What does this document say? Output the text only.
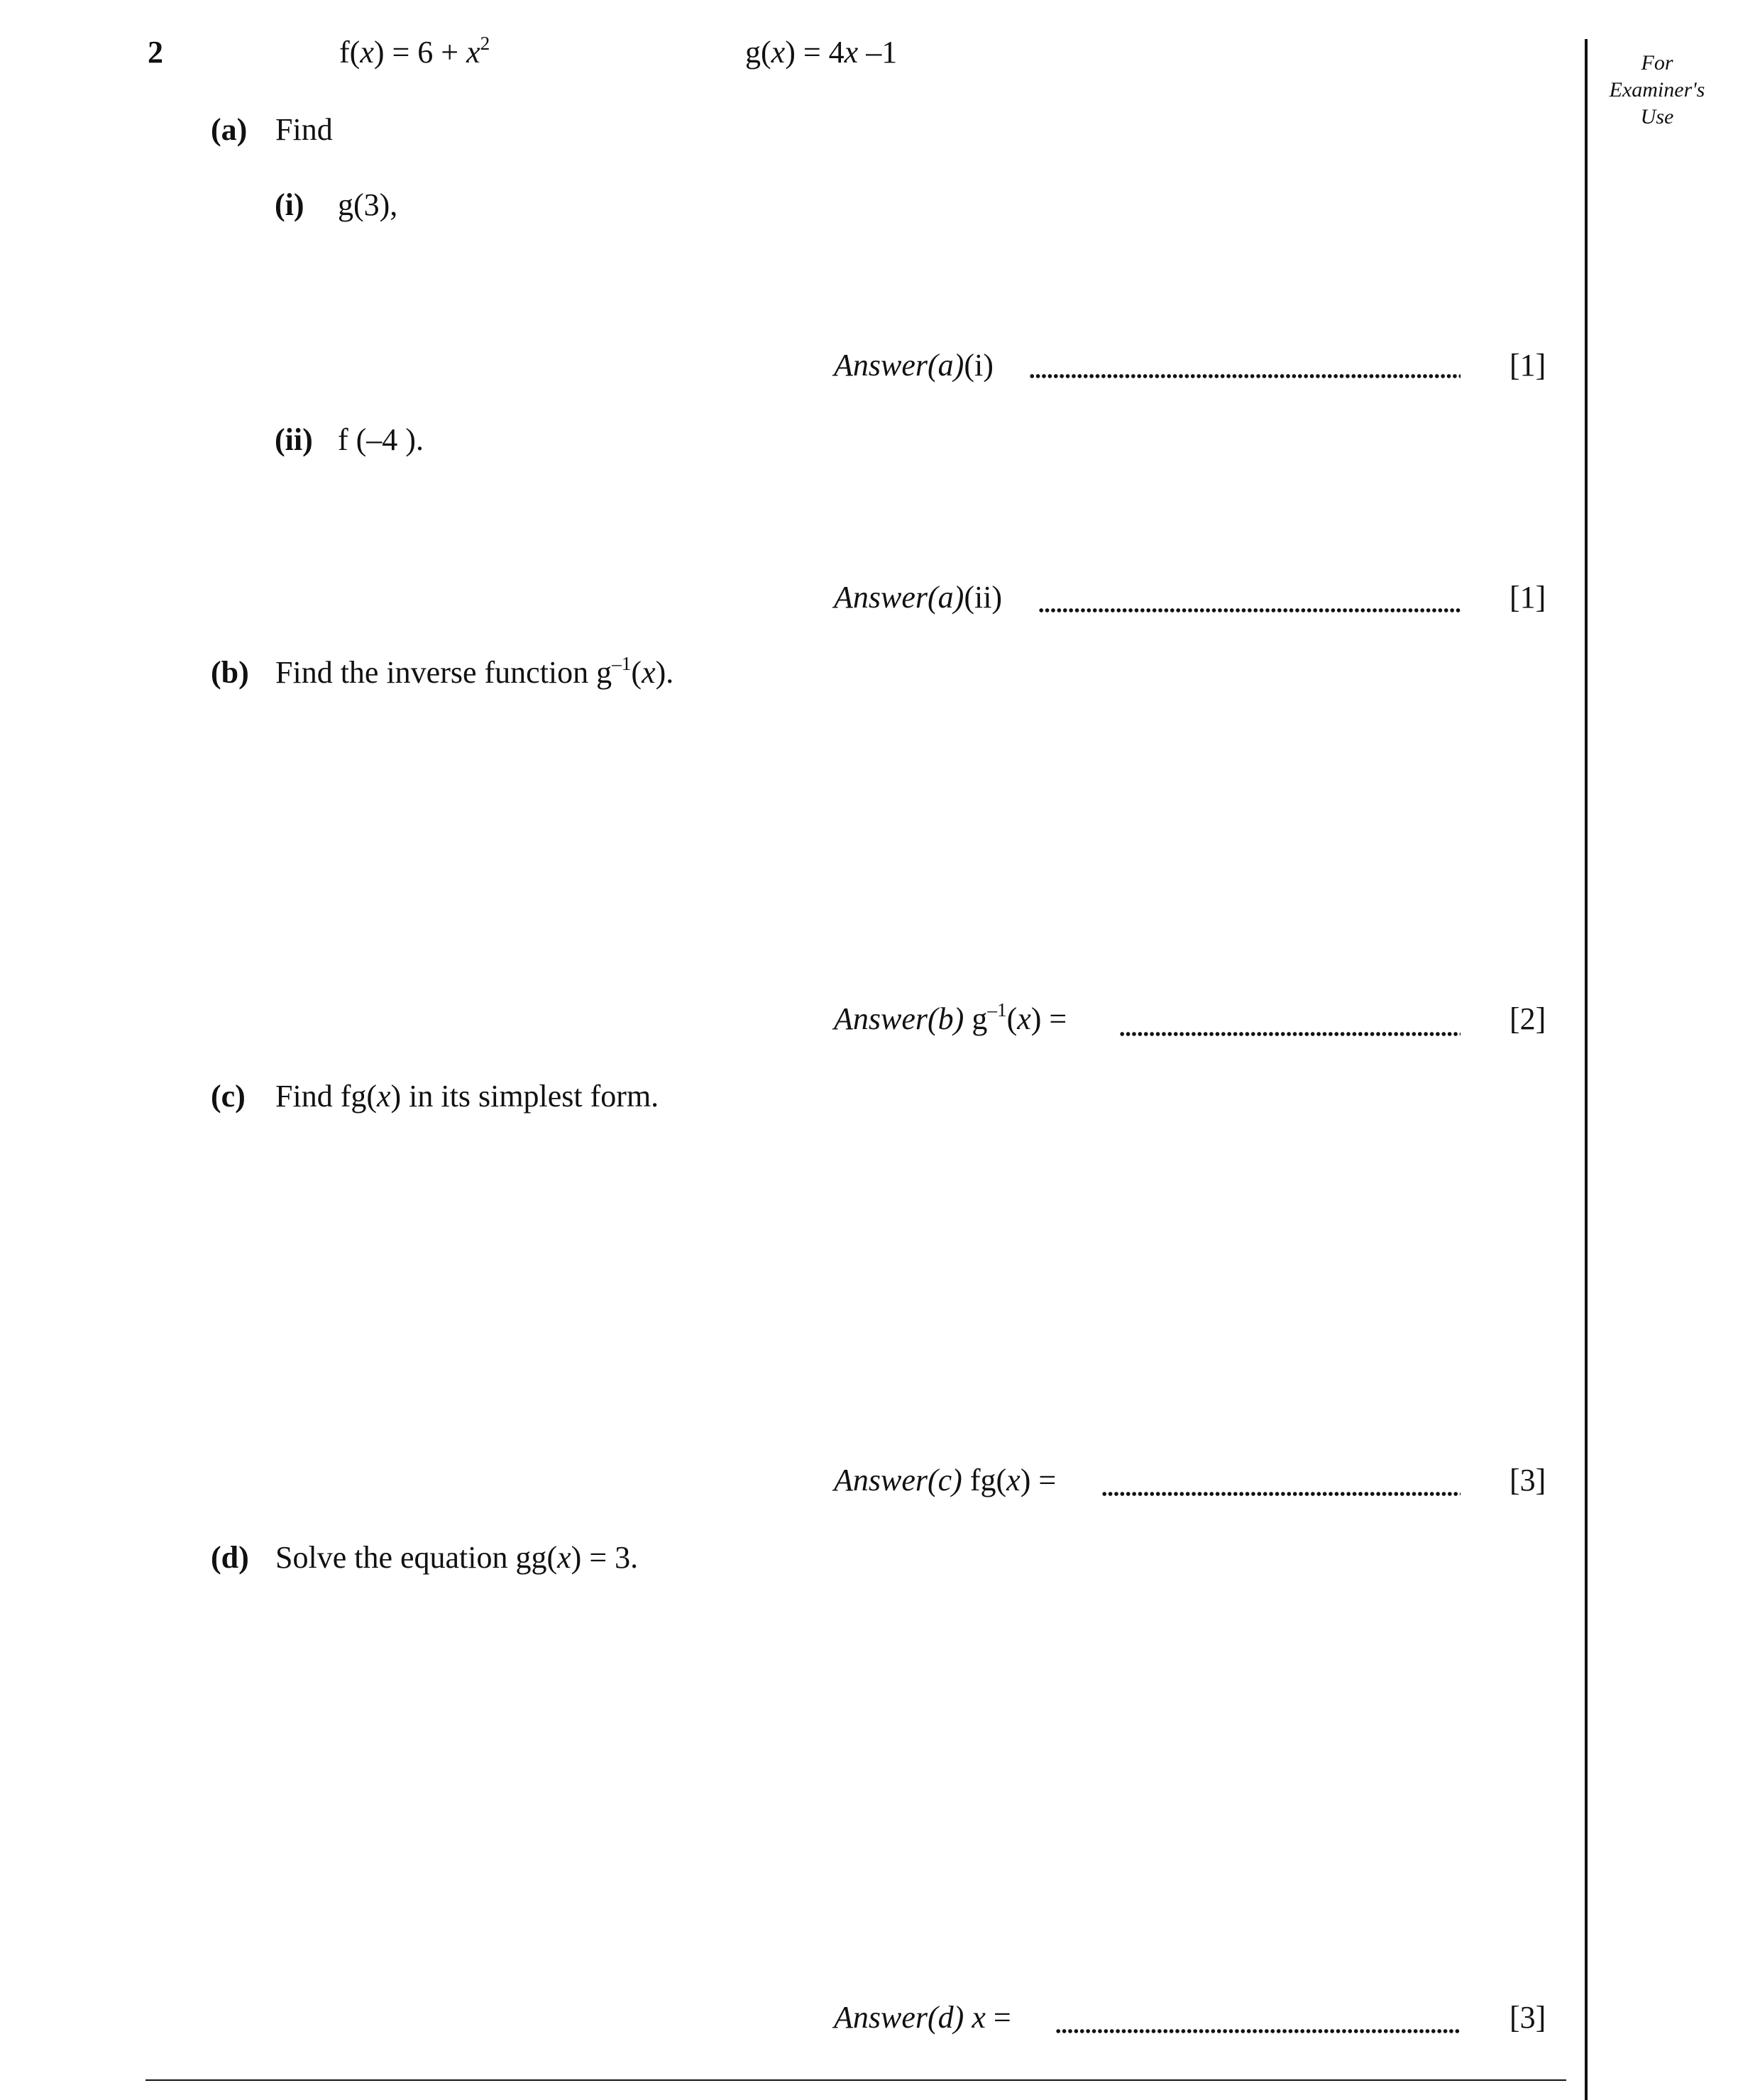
2	$f(x) = 6 + x^2$	g(x) = 4x –1	For
Examiner's
Use
(a) Find
(i) g(3),
Answer(a)(i)	[1]
(ii) f (–4 ).
Answer(a)(ii)	[1]
(b) Find the inverse function $g^{-1}(x)$.
Answer(b) $g^{-1}(x)$ =	[2]
(c) Find fg(x) in its simplest form.
Answer(c) fg(x) =	[3]
(d) Solve the equation gg(x) = 3.
Answer(d) x =	[3]
